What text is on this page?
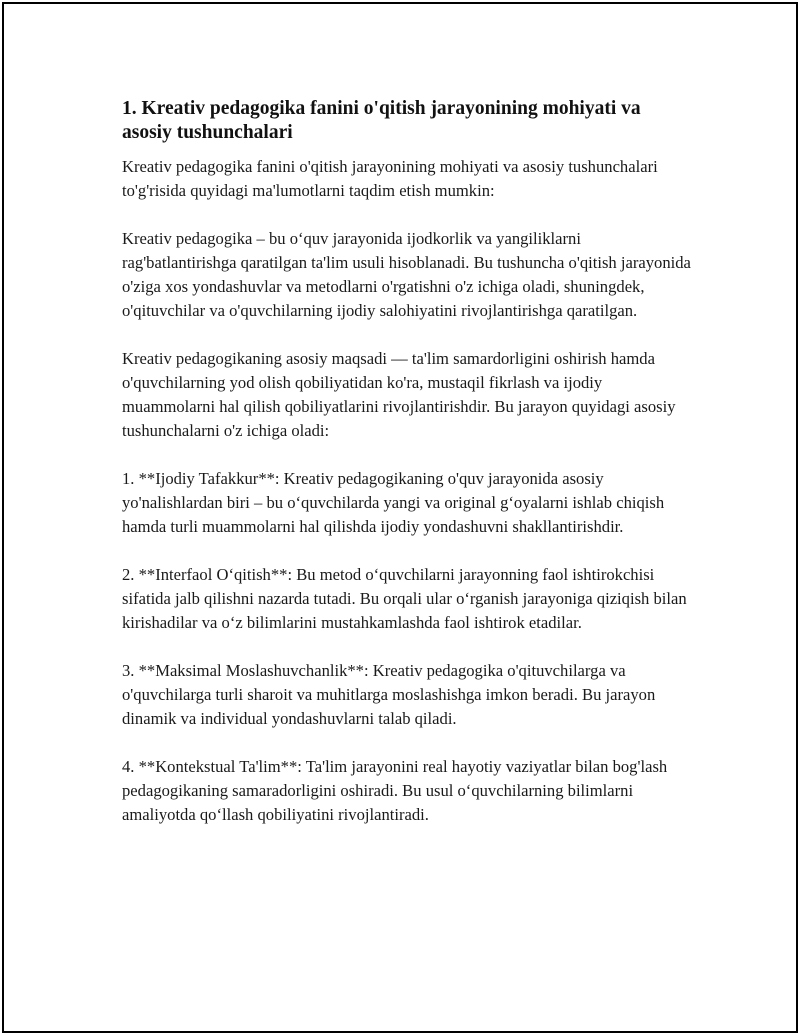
1. Kreativ pedagogika fanini o'qitish jarayonining mohiyati va asosiy tushunchalari

Kreativ pedagogika fanini o'qitish jarayonining mohiyati va asosiy tushunchalari to'g'risida quyidagi ma'lumotlarni taqdim etish mumkin:

Kreativ pedagogika – bu o‘quv jarayonida ijodkorlik va yangiliklarni rag'batlantirishga qaratilgan ta'lim usuli hisoblanadi. Bu tushuncha o'qitish jarayonida o'ziga xos yondashuvlar va metodlarni o'rgatishni o'z ichiga oladi, shuningdek, o'qituvchilar va o'quvchilarning ijodiy salohiyatini rivojlantirishga qaratilgan.

Kreativ pedagogikaning asosiy maqsadi — ta'lim samardorligini oshirish hamda o'quvchilarning yod olish qobiliyatidan ko'ra, mustaqil fikrlash va ijodiy muammolarni hal qilish qobiliyatlarini rivojlantirishdir. Bu jarayon quyidagi asosiy tushunchalarni o'z ichiga oladi:

1. **Ijodiy Tafakkur**: Kreativ pedagogikaning o'quv jarayonida asosiy yo'nalishlardan biri – bu o‘quvchilarda yangi va original g‘oyalarni ishlab chiqish hamda turli muammolarni hal qilishda ijodiy yondashuvni shakllantirishdir.

2. **Interfaol O‘qitish**: Bu metod o‘quvchilarni jarayonning faol ishtirokchisi sifatida jalb qilishni nazarda tutadi. Bu orqali ular o‘rganish jarayoniga qiziqish bilan kirishadilar va o‘z bilimlarini mustahkamlashda faol ishtirok etadilar.

3. **Maksimal Moslashuvchanlik**: Kreativ pedagogika o'qituvchilarga va o'quvchilarga turli sharoit va muhitlarga moslashishga imkon beradi. Bu jarayon dinamik va individual yondashuvlarni talab qiladi.

4. **Kontekstual Ta'lim**: Ta'lim jarayonini real hayotiy vaziyatlar bilan bog'lash pedagogikaning samaradorligini oshiradi. Bu usul o‘quvchilarning bilimlarni amaliyotda qo‘llash qobiliyatini rivojlantiradi.
